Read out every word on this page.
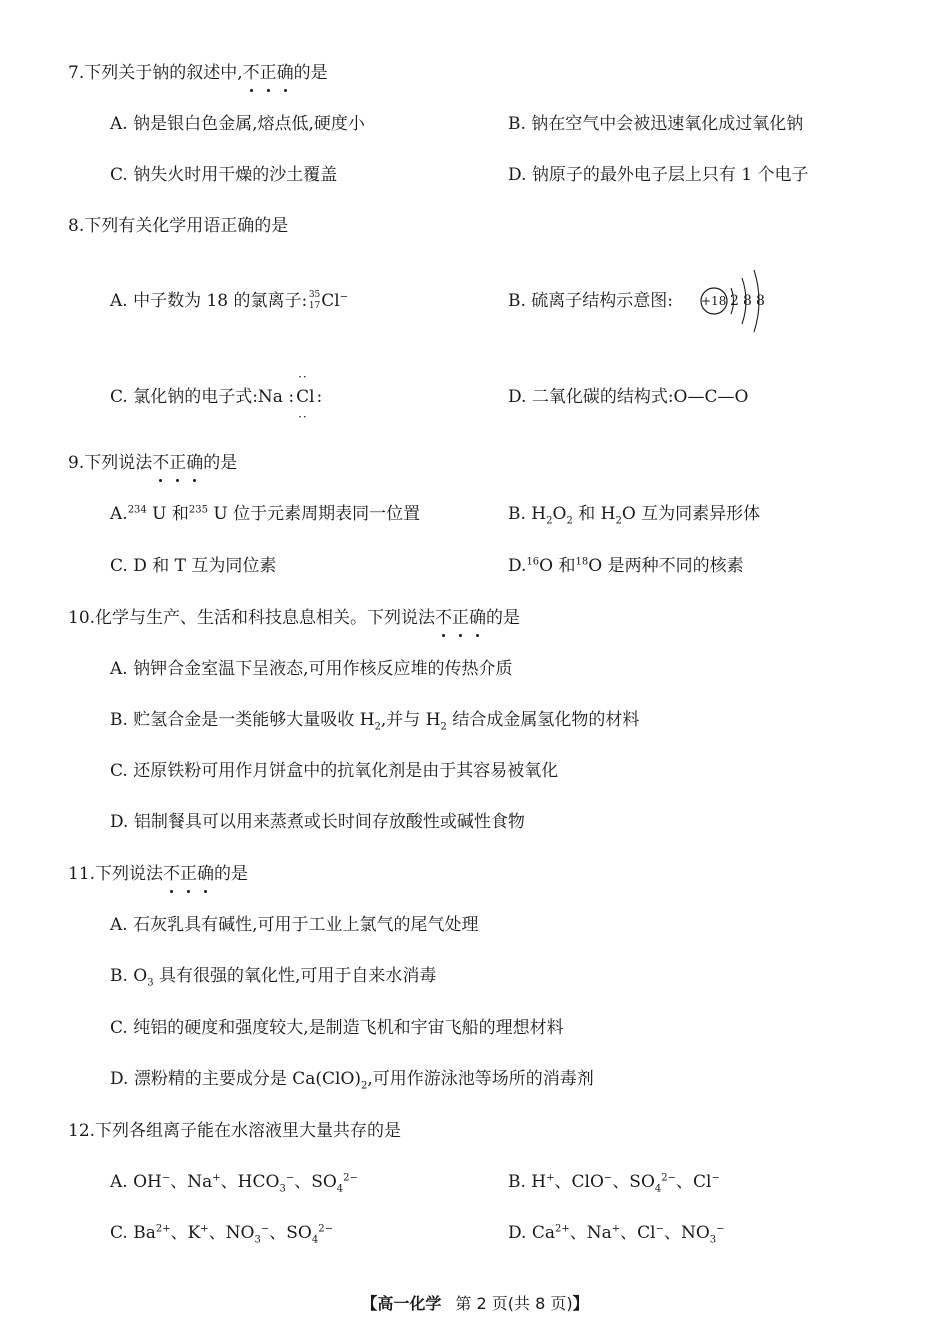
7.下列关于钠的叙述中,不正确的是
A. 钠是银白色金属,熔点低,硬度小	B. 钠在空气中会被迅速氧化成过氧化钠
C. 钠失火时用干燥的沙土覆盖	D. 钠原子的最外电子层上只有 1 个电子
8.下列有关化学用语正确的是
A. 中子数为 18 的氯离子: 35
17 Cl−	B. 硫离子结构示意图: +18 2 8 8
C. 氯化钠的电子式:Na :
··
Cl
··
:	D. 二氧化碳的结构式:O—C—O
9.下列说法不正确的是
A.$^{234}$ U 和$^{235}$ U 位于元素周期表同一位置	B. $H_2O_2$ 和 $H_2O$ 互为同素异形体
C. D 和 T 互为同位素	D.$^{16}$O 和$^{18}$O 是两种不同的核素
10.化学与生产、生活和科技息息相关。下列说法不正确的是
A. 钠钾合金室温下呈液态,可用作核反应堆的传热介质
B. 贮氢合金是一类能够大量吸收 $H_2$,并与 $H_2$ 结合成金属氢化物的材料
C. 还原铁粉可用作月饼盒中的抗氧化剂是由于其容易被氧化
D. 铝制餐具可以用来蒸煮或长时间存放酸性或碱性食物
11.下列说法不正确的是
A. 石灰乳具有碱性,可用于工业上氯气的尾气处理
B. $O_3$ 具有很强的氧化性,可用于自来水消毒
C. 纯铝的硬度和强度较大,是制造飞机和宇宙飞船的理想材料
D. 漂粉精的主要成分是 $Ca(ClO)_2$,可用作游泳池等场所的消毒剂
12.下列各组离子能在水溶液里大量共存的是
A. OH−、Na+、$HCO_3^-$、$SO_4^{2-}$	B. H+、ClO−、$SO_4^{2-}$、Cl−
C. $Ba^{2+}$、K+、$NO_3^-$、$SO_4^{2-}$	D. $Ca^{2+}$、Na+、Cl−、$NO_3^-$
【高一化学 第 2 页(共 8 页)】
